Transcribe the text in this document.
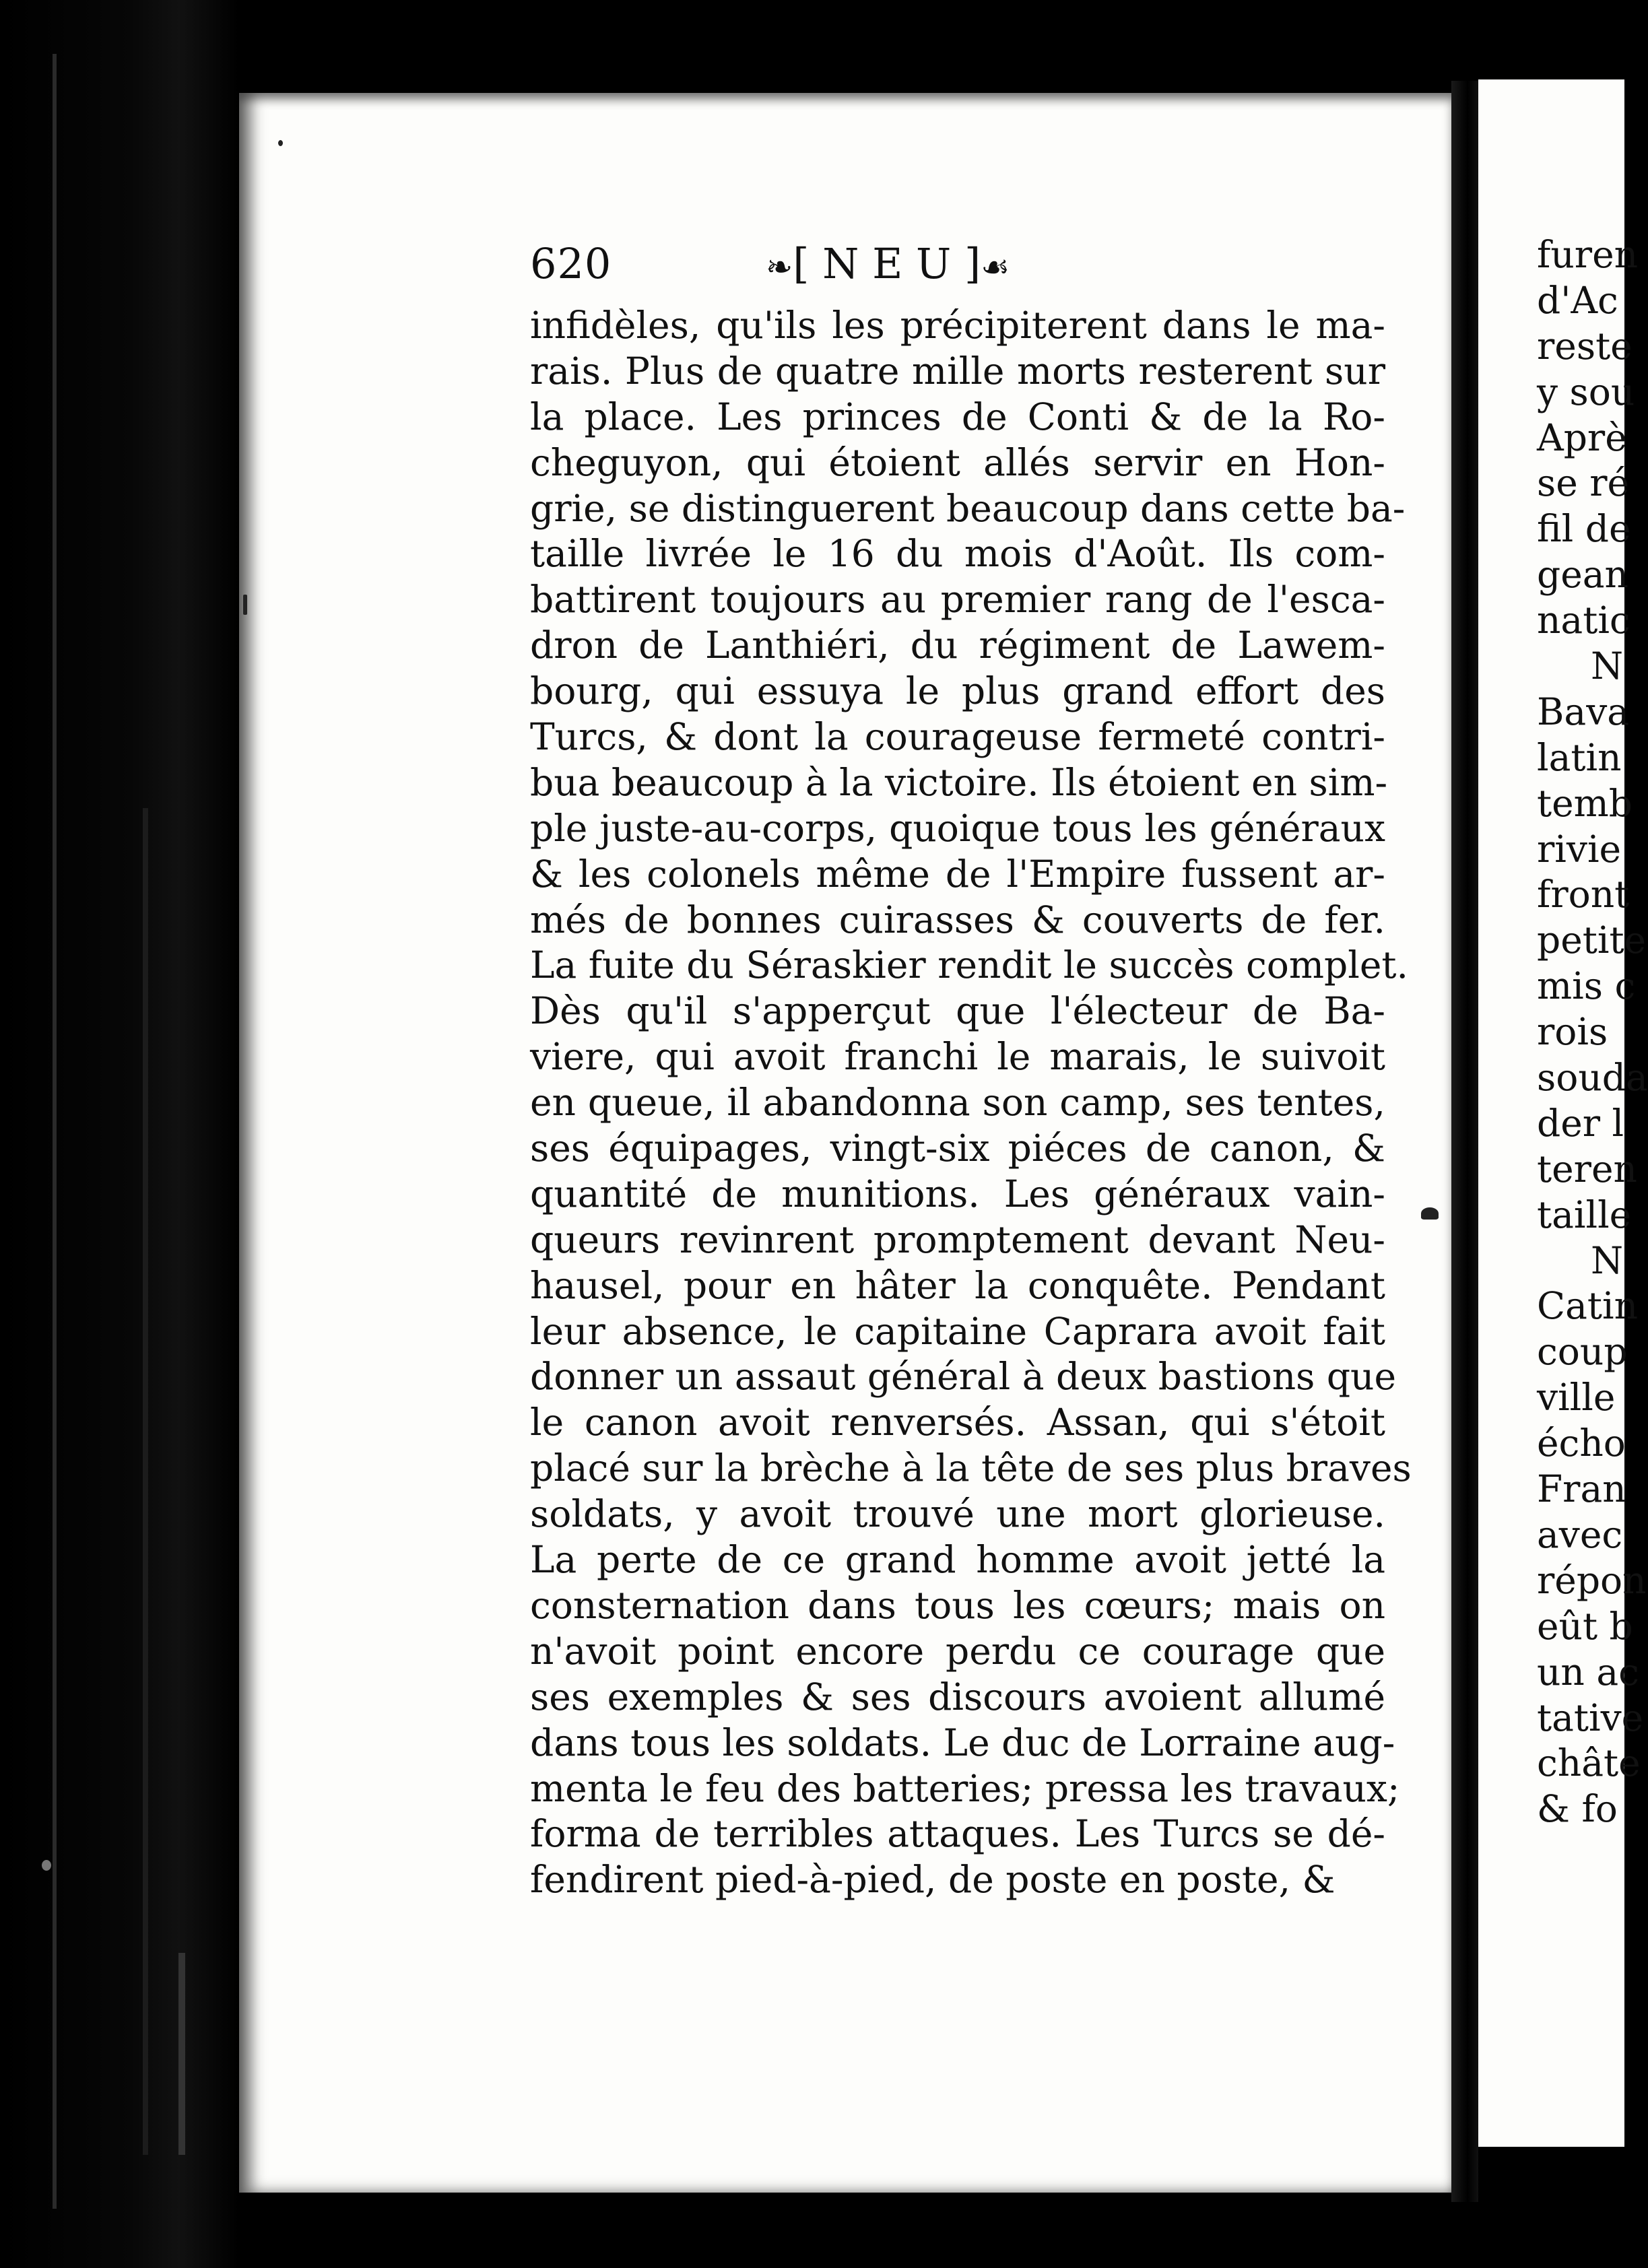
620	❧[ N E U ]☙
infidèles, qu'ils les précipiterent dans le ma-
rais. Plus de quatre mille morts resterent sur
la place. Les princes de Conti & de la Ro-
cheguyon, qui étoient allés servir en Hon-
grie, se distinguerent beaucoup dans cette ba-
taille livrée le 16 du mois d'Août. Ils com-
battirent toujours au premier rang de l'esca-
dron de Lanthiéri, du régiment de Lawem-
bourg, qui essuya le plus grand effort des
Turcs, & dont la courageuse fermeté contri-
bua beaucoup à la victoire. Ils étoient en sim-
ple juste-au-corps, quoique tous les généraux
& les colonels même de l'Empire fussent ar-
més de bonnes cuirasses & couverts de fer.
La fuite du Séraskier rendit le succès complet.
Dès qu'il s'apperçut que l'électeur de Ba-
viere, qui avoit franchi le marais, le suivoit
en queue, il abandonna son camp, ses tentes,
ses équipages, vingt-six piéces de canon, &
quantité de munitions. Les généraux vain-
queurs revinrent promptement devant Neu-
hausel, pour en hâter la conquête. Pendant
leur absence, le capitaine Caprara avoit fait
donner un assaut général à deux bastions que
le canon avoit renversés. Assan, qui s'étoit
placé sur la brèche à la tête de ses plus braves
soldats, y avoit trouvé une mort glorieuse.
La perte de ce grand homme avoit jetté la
consternation dans tous les cœurs; mais on
n'avoit point encore perdu ce courage que
ses exemples & ses discours avoient allumé
dans tous les soldats. Le duc de Lorraine aug-
menta le feu des batteries; pressa les travaux;
forma de terribles attaques. Les Turcs se dé-
fendirent pied-à-pied, de poste en poste, &
furen
d'Ac
reste
y sou
Aprè
se ré
fil de
gean
natic
N
Bava
latin
temb
rivie
front
petite
mis c
rois
souda
der l
teren
taille
N
Catin
coup
ville
écho
Fran
avec
répon
eût b
un ac
tative
châte
& fo
